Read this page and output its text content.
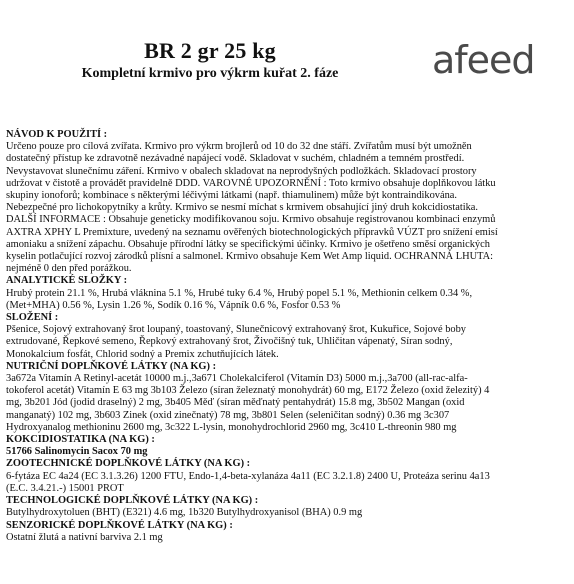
BR 2 gr 25 kg
Kompletní krmivo pro výkrm kuřat 2. fáze	afeed

NÁVOD K POUŽITÍ :

Určeno pouze pro cílová zvířata. Krmivo pro výkrm brojlerů od 10 do 32 dne stáří. Zvířatům musí být umožněn

dostatečný přístup ke zdravotně nezávadné napájecí vodě. Skladovat v suchém, chladném a temném prostředí.

Nevystavovat slunečnímu záření. Krmivo v obalech skladovat na neprodyšných podložkách. Skladovací prostory

udržovat v čistotě a provádět pravidelně DDD. VAROVNÉ UPOZORNĚNÍ : Toto krmivo obsahuje doplňkovou látku

skupiny ionoforů; kombinace s některými léčivými látkami (např. thiamulinem) může být kontraindikována.

Nebezpečné pro lichokopytníky a krůty. Krmivo se nesmí míchat s krmivem obsahující jiný druh kokcidiostatika.

DALŠÍ INFORMACE : Obsahuje geneticky modifikovanou soju. Krmivo obsahuje registrovanou kombinaci enzymů

AXTRA XPHY L Premixture, uvedený na seznamu ověřených biotechnologických přípravků VÚZT pro snížení emisí

amoniaku a snížení zápachu. Obsahuje přírodní látky se specifickými účinky. Krmivo je ošetřeno směsí organických

kyselin potlačující rozvoj zárodků plísní a salmonel. Krmivo obsahuje Kem Wet Amp liquid. OCHRANNÁ LHUTA:

nejméně 0 den před porážkou.

ANALYTICKÉ SLOŽKY :

Hrubý protein 21.1 %, Hrubá vláknina 5.1 %, Hrubé tuky 6.4 %, Hrubý popel 5.1 %, Methionin celkem 0.34 %,

(Met+MHA) 0.56 %, Lysin 1.26 %, Sodík 0.16 %, Vápník 0.6 %, Fosfor 0.53 %

SLOŽENÍ :

Pšenice, Sojový extrahovaný šrot loupaný, toastovaný, Slunečnicový extrahovaný šrot, Kukuřice, Sojové boby

extrudované, Řepkové semeno, Řepkový extrahovaný šrot, Živočišný tuk, Uhličitan vápenatý, Síran sodný,

Monokalcium fosfát, Chlorid sodný a Premix zchutňujících látek.

NUTRIČNÍ DOPLŇKOVÉ LÁTKY (NA KG) :

3a672a Vitamín A Retinyl-acetát 10000 m.j.,3a671 Cholekalciferol (Vitamín D3) 5000 m.j.,3a700 (all-rac-alfa-

tokoferol acetát) Vitamín E 63 mg 3b103 Železo (síran železnatý monohydrát) 60 mg, E172 Železo (oxid železitý) 4

mg, 3b201 Jód (jodid draselný) 2 mg, 3b405 Měď (síran měďnatý pentahydrát) 15.8 mg, 3b502 Mangan (oxid

manganatý) 102 mg, 3b603 Zinek (oxid zinečnatý) 78 mg, 3b801 Selen (seleničitan sodný) 0.36 mg 3c307

Hydroxyanalog methioninu 2600 mg, 3c322 L-lysin, monohydrochlorid 2960 mg, 3c410 L-threonin 980 mg

KOKCIDIOSTATIKA (NA KG) :

51766 Salinomycin Sacox 70 mg

ZOOTECHNICKÉ DOPLŇKOVÉ LÁTKY (NA KG) :

6-fytáza EC 4a24 (EC 3.1.3.26) 1200 FTU, Endo-1,4-beta-xylanáza 4a11 (EC 3.2.1.8) 2400 U, Proteáza serinu 4a13

(E.C. 3.4.21.-) 15001 PROT

TECHNOLOGICKÉ DOPLŇKOVÉ LÁTKY (NA KG) :

Butylhydroxytoluen (BHT) (E321) 4.6 mg, 1b320 Butylhydroxyanisol (BHA) 0.9 mg

SENZORICKÉ DOPLŇKOVÉ LÁTKY (NA KG) :

Ostatní žlutá a nativní barviva 2.1 mg
